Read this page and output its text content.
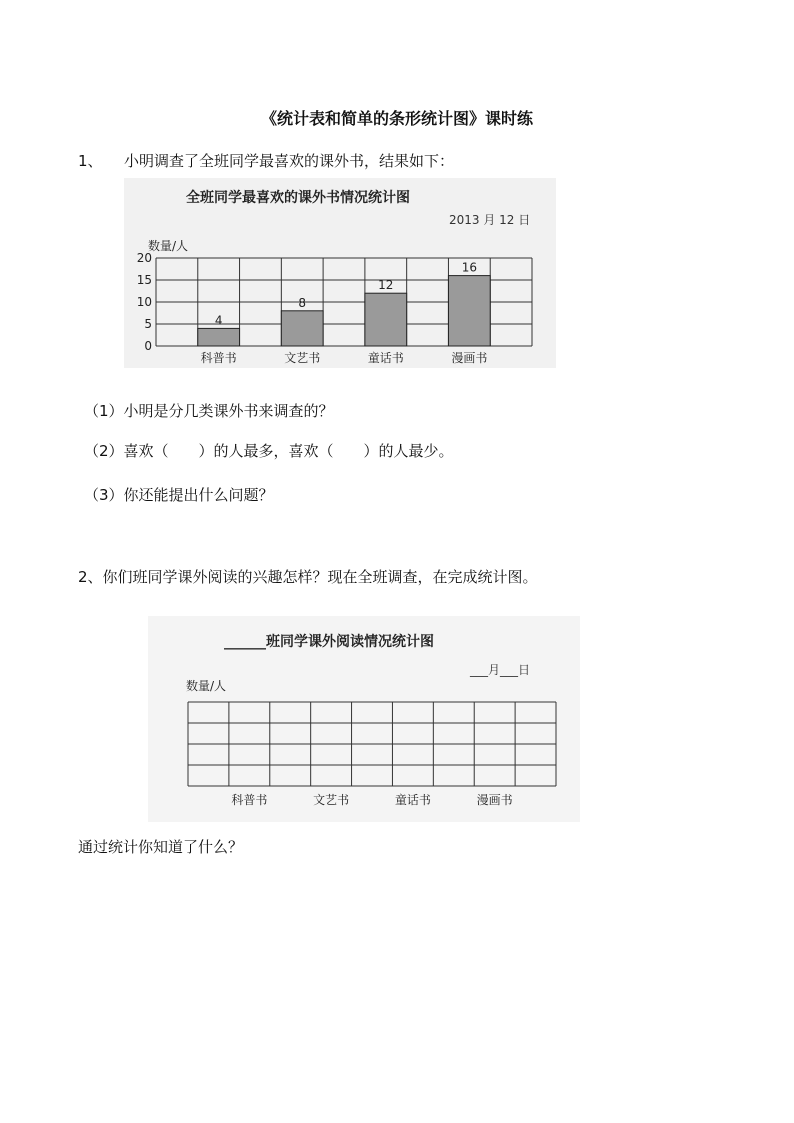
《统计表和简单的条形统计图》课时练
1、 小明调查了全班同学最喜欢的课外书，结果如下：
全班同学最喜欢的课外书情况统计图
2013 月 12 日
数量/人
0
5
10
15
20
4
科普书
8
文艺书
12
童话书
16
漫画书
（1）小明是分几类课外书来调查的？
（2）喜欢（　　）的人最多，喜欢（　　）的人最少。
（3）你还能提出什么问题？
2、你们班同学课外阅读的兴趣怎样？现在全班调查，在完成统计图。
______班同学课外阅读情况统计图
___月___日
数量/人
科普书	文艺书	童话书	漫画书
通过统计你知道了什么？
